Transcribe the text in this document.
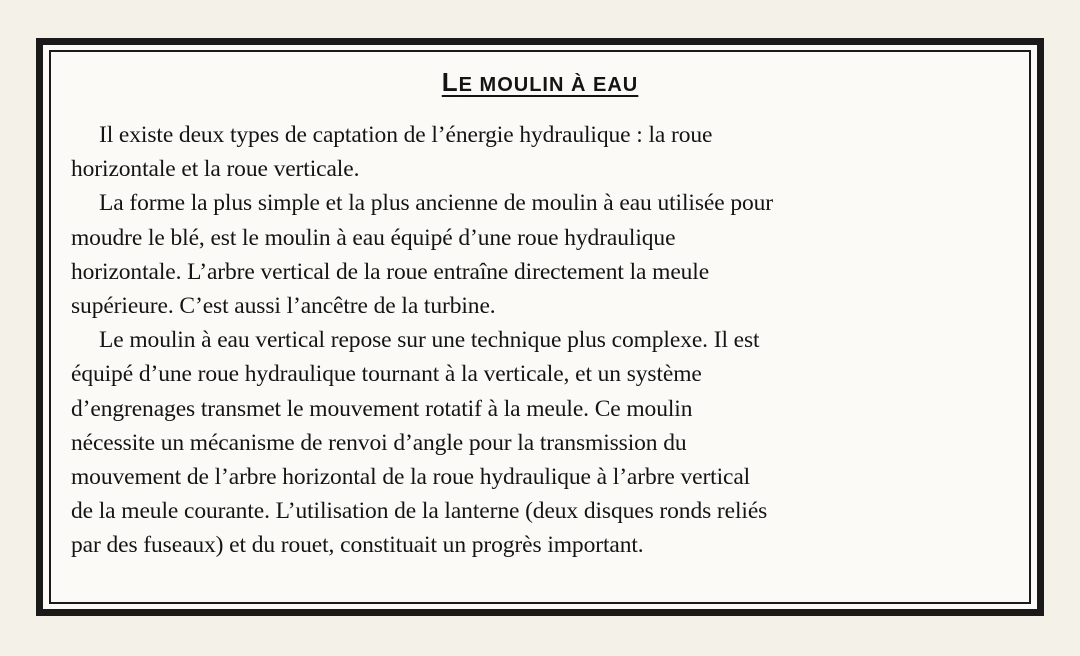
LE MOULIN À EAU
Il existe deux types de captation de l’énergie hydraulique : la roue
horizontale et la roue verticale.
La forme la plus simple et la plus ancienne de moulin à eau utilisée pour
moudre le blé, est le moulin à eau équipé d’une roue hydraulique
horizontale. L’arbre vertical de la roue entraîne directement la meule
supérieure. C’est aussi l’ancêtre de la turbine.
Le moulin à eau vertical repose sur une technique plus complexe. Il est
équipé d’une roue hydraulique tournant à la verticale, et un système
d’engrenages transmet le mouvement rotatif à la meule. Ce moulin
nécessite un mécanisme de renvoi d’angle pour la transmission du
mouvement de l’arbre horizontal de la roue hydraulique à l’arbre vertical
de la meule courante. L’utilisation de la lanterne (deux disques ronds reliés
par des fuseaux) et du rouet, constituait un progrès important.
